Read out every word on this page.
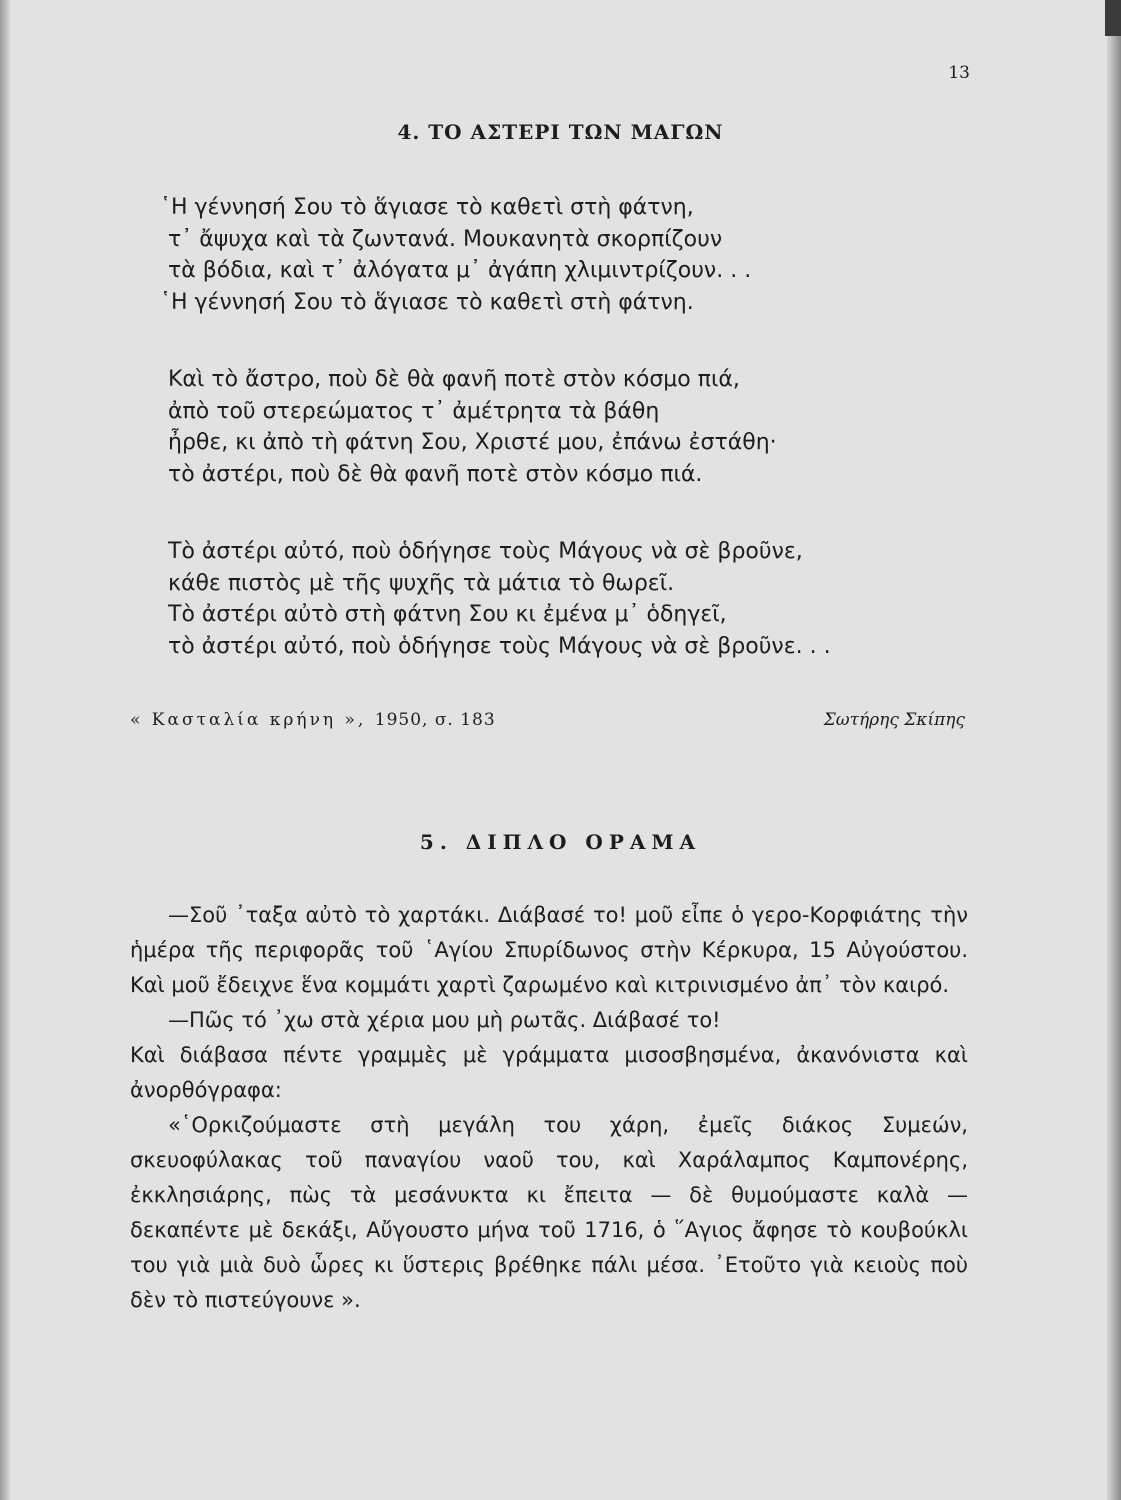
13
4. ΤΟ ΑΣΤΕΡΙ ΤΩΝ ΜΑΓΩΝ
῾Η γέννησή Σου τὸ ἅγιασε τὸ καθετὶ στὴ φάτνη,
τ᾿ ἄψυχα καὶ τὰ ζωντανά. Μουκανητὰ σκορπίζουν
τὰ βόδια, καὶ τ᾿ ἀλόγατα μ᾿ ἀγάπη χλιμιντρίζουν. . .
῾Η γέννησή Σου τὸ ἅγιασε τὸ καθετὶ στὴ φάτνη.
Καὶ τὸ ἄστρο, ποὺ δὲ θὰ φανῆ ποτὲ στὸν κόσμο πιά,
ἀπὸ τοῦ στερεώματος τ᾿ ἀμέτρητα τὰ βάθη
ἦρθε, κι ἀπὸ τὴ φάτνη Σου, Χριστέ μου, ἐπάνω ἐστάθη·
τὸ ἀστέρι, ποὺ δὲ θὰ φανῆ ποτὲ στὸν κόσμο πιά.
Τὸ ἀστέρι αὐτό, ποὺ ὁδήγησε τοὺς Μάγους νὰ σὲ βροῦνε,
κάθε πιστὸς μὲ τῆς ψυχῆς τὰ μάτια τὸ θωρεῖ.
Τὸ ἀστέρι αὐτὸ στὴ φάτνη Σου κι ἐμένα μ᾿ ὁδηγεῖ,
τὸ ἀστέρι αὐτό, ποὺ ὁδήγησε τοὺς Μάγους νὰ σὲ βροῦνε. . .
« Κασταλία κρήνη », 1950, σ. 183	Σωτήρης Σκίπης
5. ΔΙΠΛΟ ΟΡΑΜΑ

—Σοῦ ᾿ταξα αὐτὸ τὸ χαρτάκι. Διάβασέ το! μοῦ εἶπε ὁ γερο-Κορφιάτης τὴν ἡμέρα τῆς περιφορᾶς τοῦ ῾Αγίου Σπυρίδωνος στὴν Κέρκυρα, 15 Αὐγούστου. Καὶ μοῦ ἔδειχνε ἕνα κομμάτι χαρτὶ ζαρωμένο καὶ κιτρινισμένο ἀπ᾿ τὸν καιρό.

—Πῶς τό ᾿χω στὰ χέρια μου μὴ ρωτᾶς. Διάβασέ το!

Καὶ διάβασα πέντε γραμμὲς μὲ γράμματα μισοσβησμένα, ἀκανόνιστα καὶ ἀνορθόγραφα:

«῾Ορκιζούμαστε στὴ μεγάλη του χάρη, ἐμεῖς διάκος Συμεών, σκευοφύλακας τοῦ παναγίου ναοῦ του, καὶ Χαράλαμπος Καμπονέρης, ἐκκλησιάρης, πὼς τὰ μεσάνυκτα κι ἔπειτα — δὲ θυμούμαστε καλὰ — δεκαπέντε μὲ δεκάξι, Αὔγουστο μήνα τοῦ 1716, ὁ ῞Αγιος ἄφησε τὸ κουβούκλι του γιὰ μιὰ δυὸ ὧρες κι ὕστερις βρέθηκε πάλι μέσα. ᾿Ετοῦτο γιὰ κειοὺς ποὺ δὲν τὸ πιστεύγουνε ».
